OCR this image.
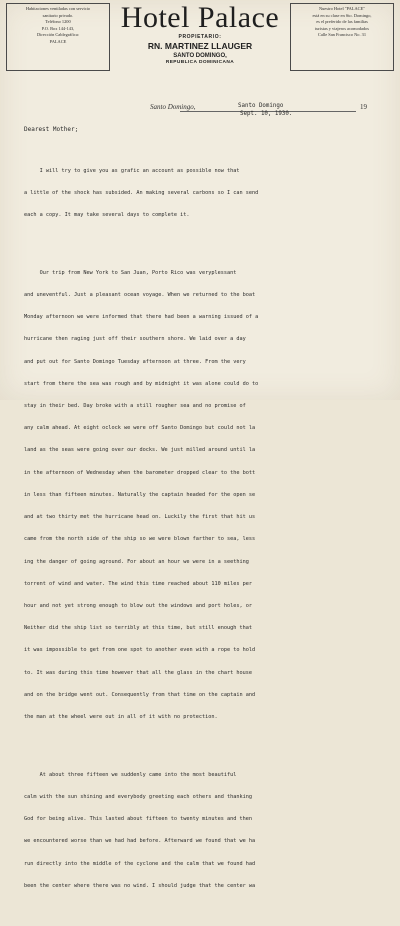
Habitaciones ventiladas con servicio
sanitario privado.
Teléfono 1200
P.O. Box 144-143,
Dirección Cablegráfica:
PALACE
Hotel Palace
PROPIETARIO:
RN. MARTINEZ LLAUGER
SANTO DOMINGO,
REPUBLICA DOMINICANA
Nuestro Hotel "PALACE"
está en su clase en Sto. Domingo,
es el preferido de las familias
turistas y viajeros acomodados
Calle San Francisco No. 31
Santo Domingo,	Santo Domingo	19
Sept. 10, 1930.
Dearest Mother;

I will try to give you as grafic an account as possible now that

a little of the shock has subsided. An making several carbons so I can send

each a copy. It may take several days to complete it.

Our trip from New York to San Juan, Porto Rico was veryplessant

and uneventful. Just a pleasant ocean voyage. When we returned to the boat

Monday afternoon we were informed that there had been a warning issued of a

hurricane then raging just off their southern shore. We laid over a day

and put out for Santo Domingo Tuesday afternoon at three. From the very

start from there the sea was rough and by midnight it was alone could do to

stay in their bed. Day broke with a still rougher sea and no promise of

any calm ahead. At eight oclock we were off Santo Domingo but could not la

land as the seas were going over our docks. We just milled around until la

in the afternoon of Wednesday when the barometer dropped clear to the bott

in less than fifteen minutes. Naturally the captain headed for the open se

and at two thirty met the hurricane head on. Luckily the first that hit us

came from the north side of the ship so we were blown farther to sea, less

ing the danger of going aground. For about an hour we were in a seething

torrent of wind and water. The wind this time reached about 110 miles per

hour and not yet strong enough to blow out the windows and port holes, or

Neither did the ship list so terribly at this time, but still enough that

it was impossible to get from one spot to another even with a rope to hold

to. It was during this time however that all the glass in the chart house

and on the bridge went out. Consequently from that time on the captain and

the man at the wheel were out in all of it with no protection.

At about three fifteen we suddenly came into the most beautiful

calm with the sun shining and everybody greeting each others and thanking

God for being alive. This lasted about fifteen to twenty minutes and then

we encountered worse than we had had before. Afterward we found that we ha

run directly into the middle of the cyclone and the calm that we found had

been the center where there was no wind. I should judge that the center wa
